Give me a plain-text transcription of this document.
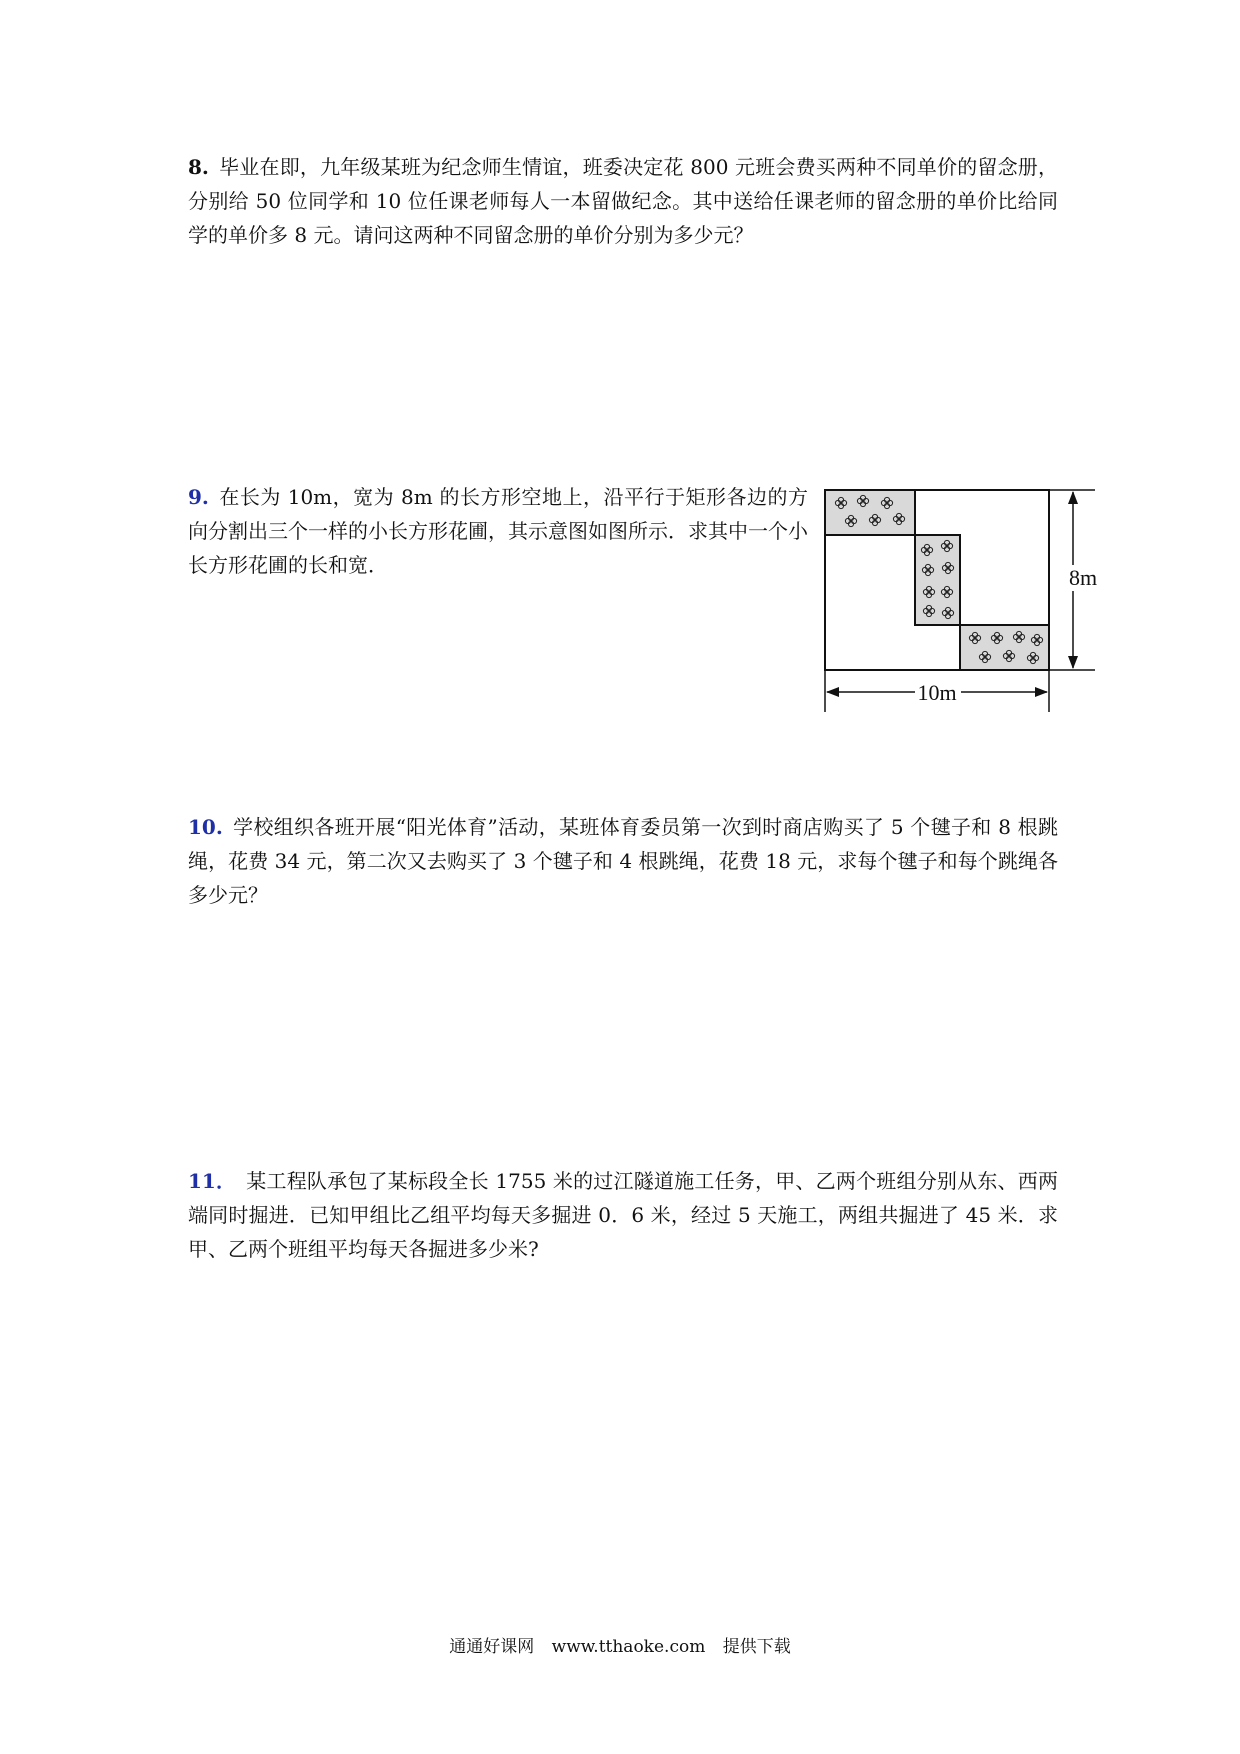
8. 毕业在即，九年级某班为纪念师生情谊，班委决定花 800 元班会费买两种不同单价的留念册，分别给 50 位同学和 10 位任课老师每人一本留做纪念。其中送给任课老师的留念册的单价比给同学的单价多 8 元。请问这两种不同留念册的单价分别为多少元？

9. 在长为 10m，宽为 8m 的长方形空地上，沿平行于矩形各边的方向分割出三个一样的小长方形花圃，其示意图如图所示．求其中一个小长方形花圃的长和宽．	8m
10m

10. 学校组织各班开展“阳光体育”活动，某班体育委员第一次到时商店购买了 5 个毽子和 8 根跳绳，花费 34 元，第二次又去购买了 3 个毽子和 4 根跳绳，花费 18 元，求每个毽子和每个跳绳各多少元？

11． 某工程队承包了某标段全长 1755 米的过江隧道施工任务，甲、乙两个班组分别从东、西两端同时掘进．已知甲组比乙组平均每天多掘进 0．6 米，经过 5 天施工，两组共掘进了 45 米．求甲、乙两个班组平均每天各掘进多少米?

通通好课网 www.tthaoke.com 提供下载
